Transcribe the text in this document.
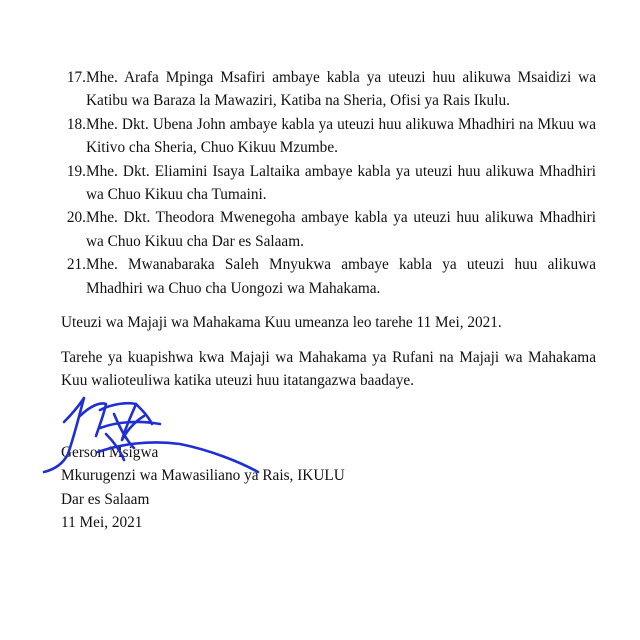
17. Mhe. Arafa Mpinga Msafiri ambaye kabla ya uteuzi huu alikuwa Msaidizi wa Katibu wa Baraza la Mawaziri, Katiba na Sheria, Ofisi ya Rais Ikulu.
18. Mhe. Dkt. Ubena John ambaye kabla ya uteuzi huu alikuwa Mhadhiri na Mkuu wa Kitivo cha Sheria, Chuo Kikuu Mzumbe.
19. Mhe. Dkt. Eliamini Isaya Laltaika ambaye kabla ya uteuzi huu alikuwa Mhadhiri wa Chuo Kikuu cha Tumaini.
20. Mhe. Dkt. Theodora Mwenegoha ambaye kabla ya uteuzi huu alikuwa Mhadhiri wa Chuo Kikuu cha Dar es Salaam.
21. Mhe. Mwanabaraka Saleh Mnyukwa ambaye kabla ya uteuzi huu alikuwa Mhadhiri wa Chuo cha Uongozi wa Mahakama.
Uteuzi wa Majaji wa Mahakama Kuu umeanza leo tarehe 11 Mei, 2021.
Tarehe ya kuapishwa kwa Majaji wa Mahakama ya Rufani na Majaji wa Mahakama Kuu walioteuliwa katika uteuzi huu itatangazwa baadaye.
Gerson Msigwa
Mkurugenzi wa Mawasiliano ya Rais, IKULU
Dar es Salaam
11 Mei, 2021
